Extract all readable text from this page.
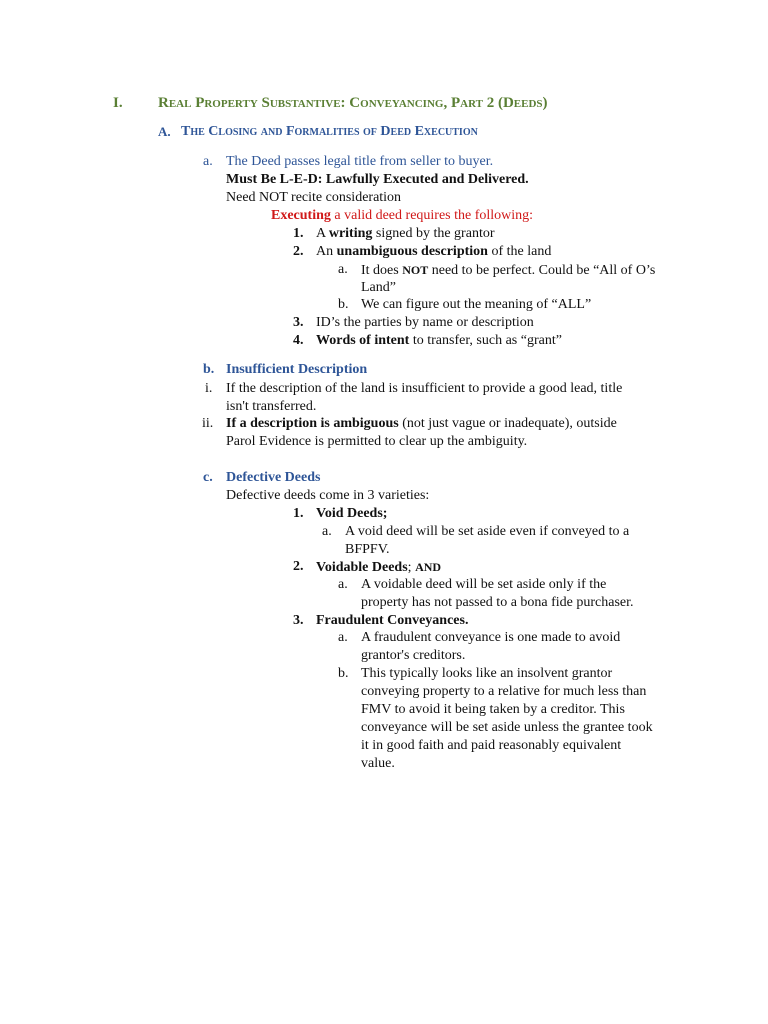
I. Real Property Substantive: Conveyancing, Part 2 (Deeds)
A. The Closing and Formalities of Deed Execution
a. The Deed passes legal title from seller to buyer.
Must Be L-E-D: Lawfully Executed and Delivered.
Need NOT recite consideration
Executing a valid deed requires the following:
1. A writing signed by the grantor
2. An unambiguous description of the land
a. It does NOT need to be perfect. Could be “All of O’s
Land”
b. We can figure out the meaning of “ALL”
3. ID’s the parties by name or description
4. Words of intent to transfer, such as “grant”
b. Insufficient Description
i. If the description of the land is insufficient to provide a good lead, title
isn't transferred.
ii. If a description is ambiguous (not just vague or inadequate), outside
Parol Evidence is permitted to clear up the ambiguity.
c. Defective Deeds
Defective deeds come in 3 varieties:
1. Void Deeds;
a. A void deed will be set aside even if conveyed to a
BFPFV.
2. Voidable Deeds; AND
a. A voidable deed will be set aside only if the
property has not passed to a bona fide purchaser.
3. Fraudulent Conveyances.
a. A fraudulent conveyance is one made to avoid
grantor's creditors.
b. This typically looks like an insolvent grantor
conveying property to a relative for much less than
FMV to avoid it being taken by a creditor. This
conveyance will be set aside unless the grantee took
it in good faith and paid reasonably equivalent
value.
